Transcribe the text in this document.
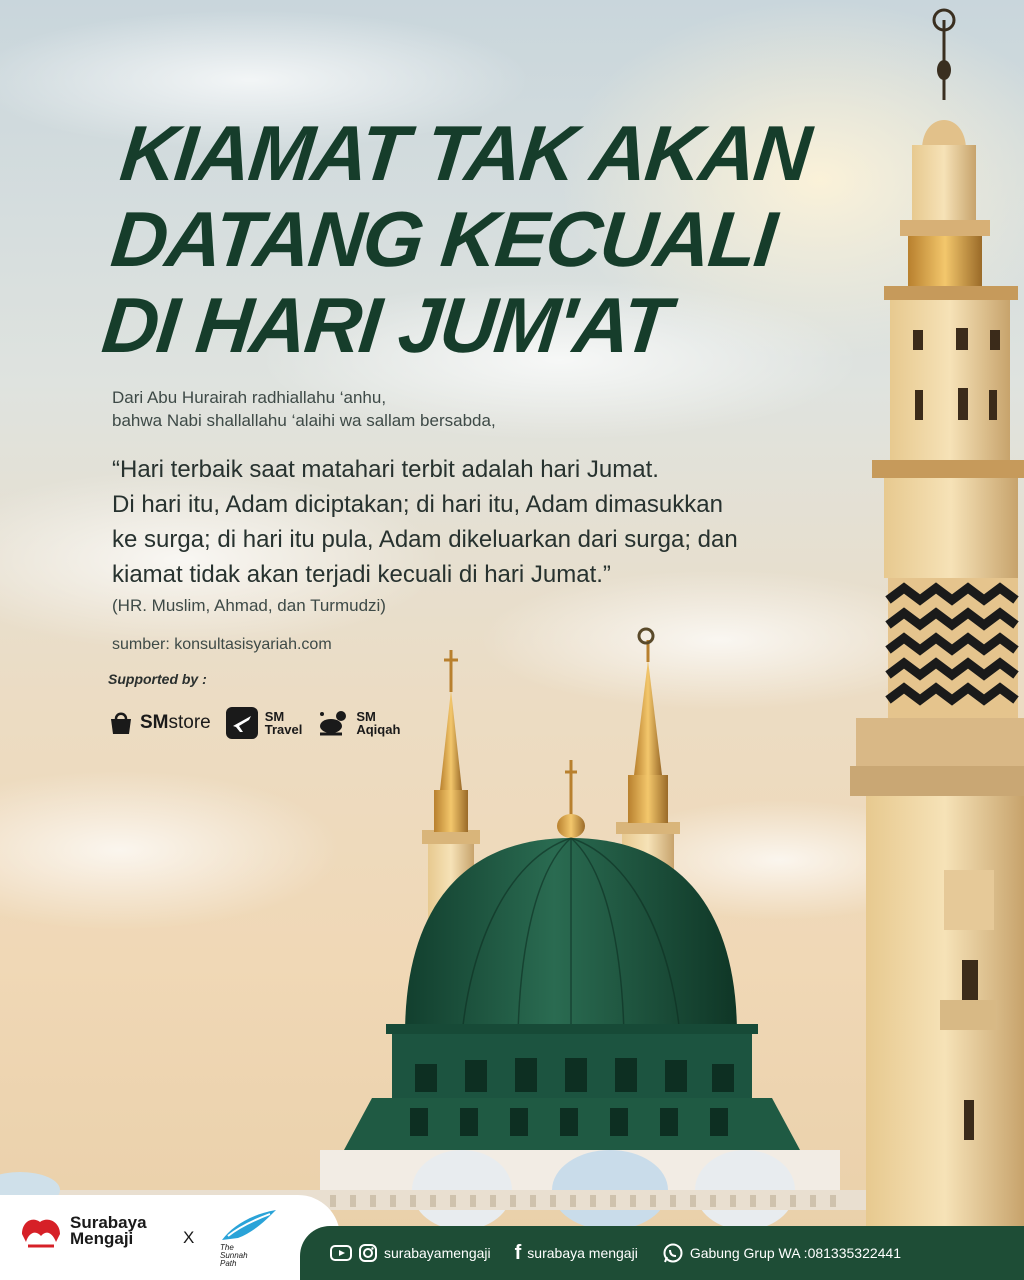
KIAMAT TAK AKAN
DATANG KECUALI
DI HARI JUM'AT
Dari Abu Hurairah radhiallahu ‘anhu,
bahwa Nabi shallallahu ‘alaihi wa sallam bersabda,
“Hari terbaik saat matahari terbit adalah hari Jumat.
Di hari itu, Adam diciptakan; di hari itu, Adam dimasukkan
ke surga; di hari itu pula, Adam dikeluarkan dari surga; dan
kiamat tidak akan terjadi kecuali di hari Jumat.”
(HR. Muslim, Ahmad, dan Turmudzi)
sumber: konsultasisyariah.com
Supported by :
SMstore	SM
Travel
SM
Aqiqah
Surabaya
Mengaji	X
The
Sunnah
Path
surabayamengaji f surabaya mengaji	Gabung Grup WA :081335322441
